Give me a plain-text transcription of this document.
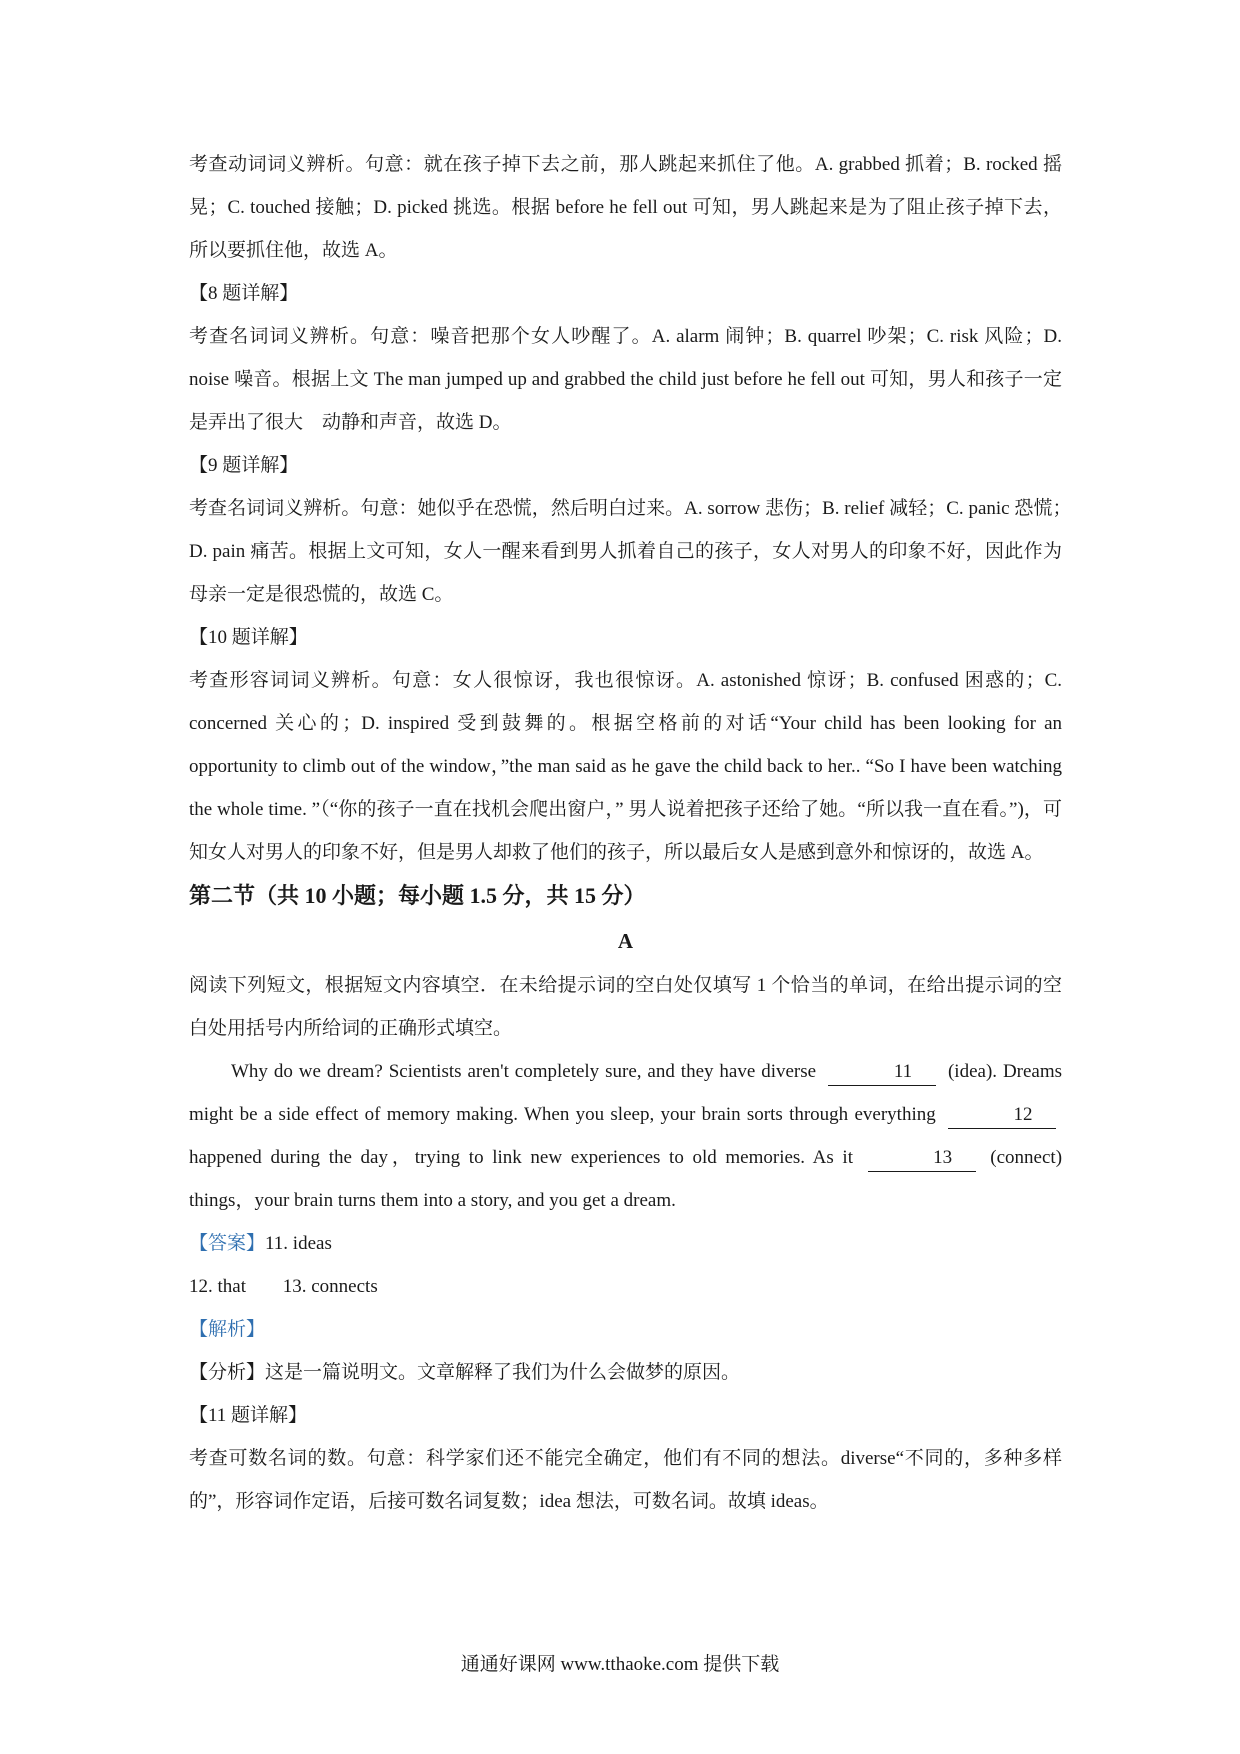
考查动词词义辨析。句意：就在孩子掉下去之前，那人跳起来抓住了他。A. grabbed 抓着；B. rocked 摇晃；C. touched 接触；D. picked 挑选。根据 before he fell out 可知，男人跳起来是为了阻止孩子掉下去，所以要抓住他，故选 A。

【8 题详解】

考查名词词义辨析。句意：噪音把那个女人吵醒了。A. alarm 闹钟；B. quarrel 吵架；C. risk 风险；D. noise 噪音。根据上文 The man jumped up and grabbed the child just before he fell out 可知，男人和孩子一定是弄出了很大　动静和声音，故选 D。

【9 题详解】

考查名词词义辨析。句意：她似乎在恐慌，然后明白过来。A. sorrow 悲伤；B. relief 减轻；C. panic 恐慌；　　D. pain 痛苦。根据上文可知，女人一醒来看到男人抓着自己的孩子，女人对男人的印象不好，因此作为母亲一定是很恐慌的，故选 C。

【10 题详解】

考查形容词词义辨析。句意：女人很惊讶，我也很惊讶。A. astonished 惊讶；B. confused 困惑的；C. concerned 关心的；D. inspired 受到鼓舞的。根据空格前的对话“Your child has been looking for an opportunity to climb out of the window，”the man said as he gave the child back to her.. “So I have been watching the whole time. ”（“你的孩子一直在找机会爬出窗户，” 男人说着把孩子还给了她。“所以我一直在看。”)，可知女人对男人的印象不好，但是男人却救了他们的孩子，所以最后女人是感到意外和惊讶的，故选 A。

第二节（共 10 小题；每小题 1.5 分，共 15 分）

A

阅读下列短文，根据短文内容填空．在未给提示词的空白处仅填写 1 个恰当的单词，在给出提示词的空白处用括号内所给词的正确形式填空。

Why do we dream? Scientists aren't completely sure, and they have diverse	11 (idea). Dreams might be a side effect of memory making. When you sleep, your brain sorts through everything	12 happened during the day，trying to link new experiences to old memories. As it	13 (connect) things，your brain turns them into a story, and you get a dream.

【答案】11. ideas

12. that 13. connects

【解析】

【分析】这是一篇说明文。文章解释了我们为什么会做梦的原因。

【11 题详解】

考查可数名词的数。句意：科学家们还不能完全确定，他们有不同的想法。diverse“不同的，多种多样的”，形容词作定语，后接可数名词复数；idea 想法，可数名词。故填 ideas。

通通好课网 www.tthaoke.com 提供下载
